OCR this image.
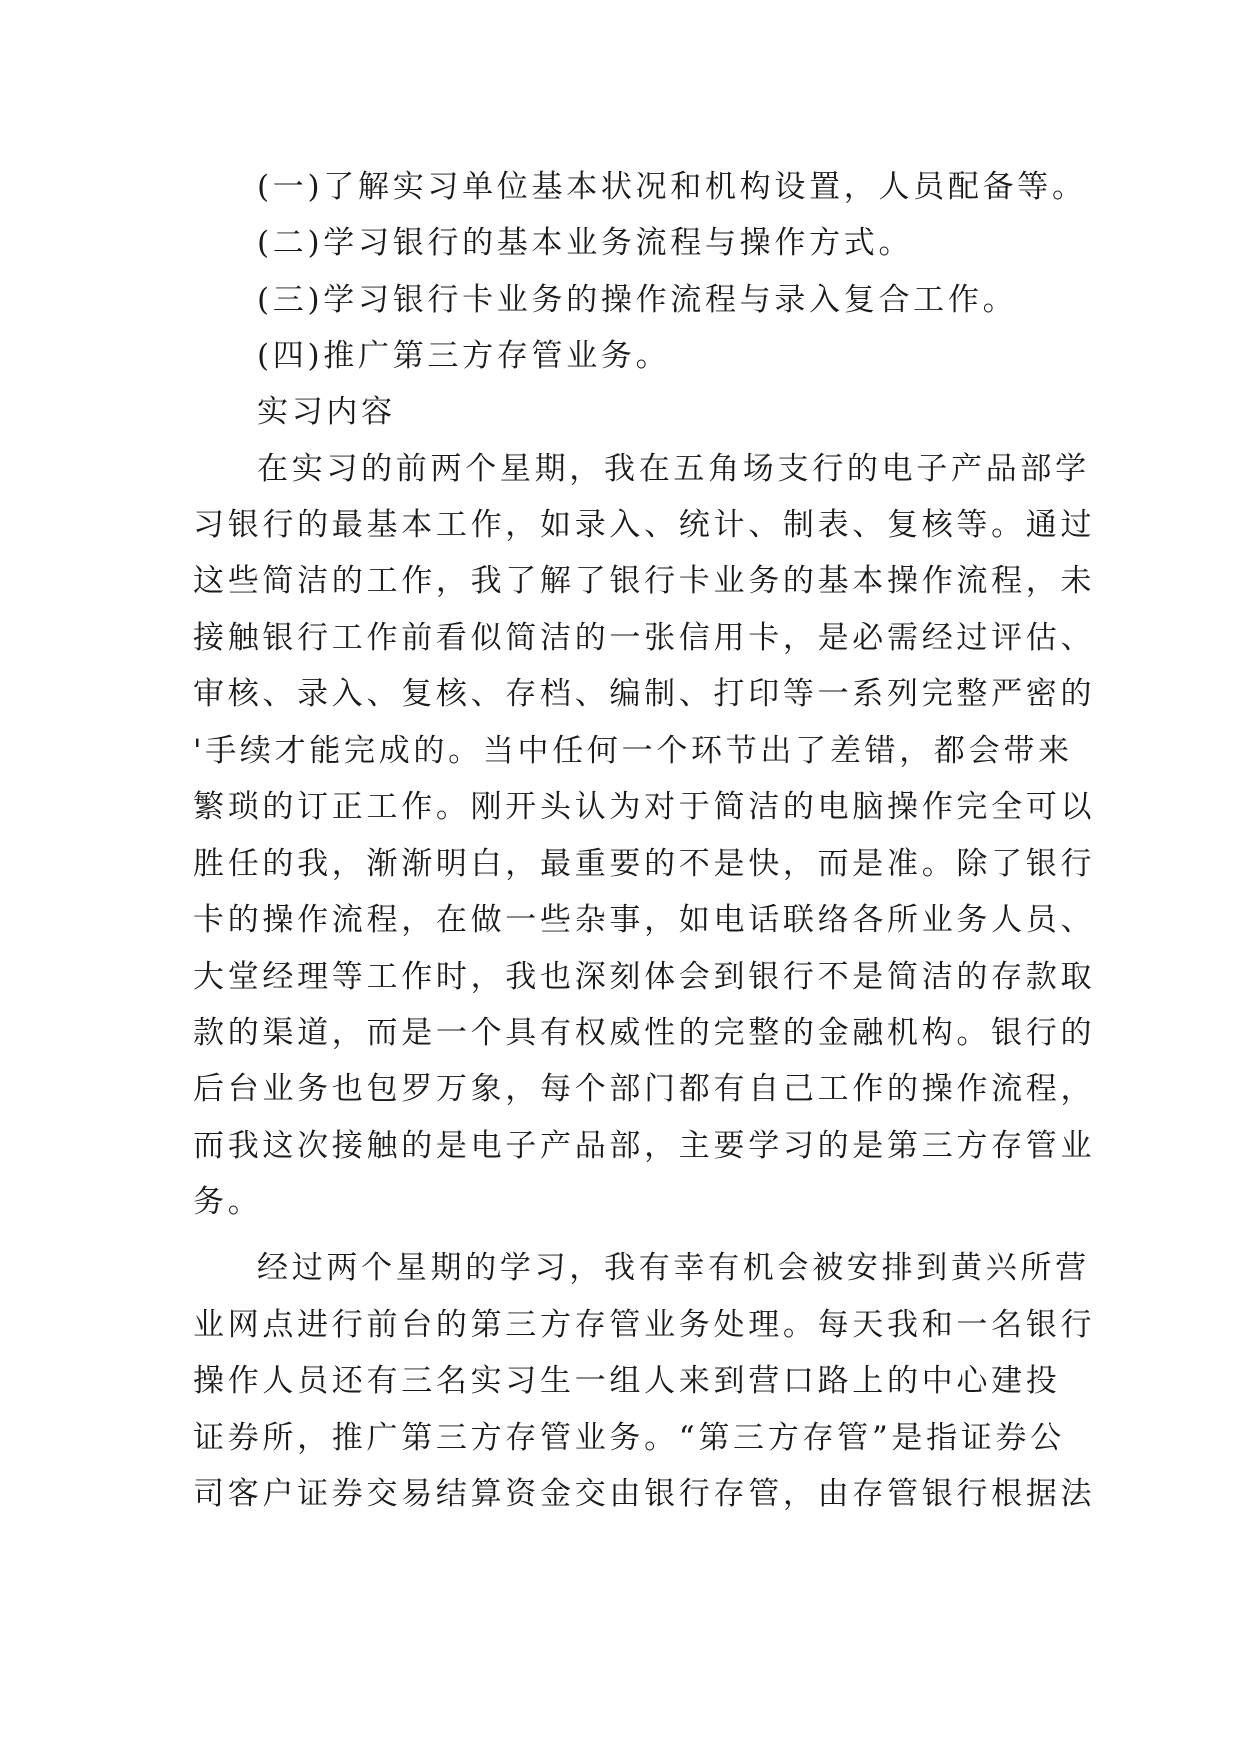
(一)了解实习单位基本状况和机构设置，人员配备等。
(二)学习银行的基本业务流程与操作方式。
(三)学习银行卡业务的操作流程与录入复合工作。
(四)推广第三方存管业务。
实习内容
在实习的前两个星期，我在五角场支行的电子产品部学
习银行的最基本工作，如录入、统计、制表、复核等。通过
这些简洁的工作，我了解了银行卡业务的基本操作流程，未
接触银行工作前看似简洁的一张信用卡，是必需经过评估、
审核、录入、复核、存档、编制、打印等一系列完整严密的
'手续才能完成的。当中任何一个环节出了差错，都会带来
繁琐的订正工作。刚开头认为对于简洁的电脑操作完全可以
胜任的我，渐渐明白，最重要的不是快，而是准。除了银行
卡的操作流程，在做一些杂事，如电话联络各所业务人员、
大堂经理等工作时，我也深刻体会到银行不是简洁的存款取
款的渠道，而是一个具有权威性的完整的金融机构。银行的
后台业务也包罗万象，每个部门都有自己工作的操作流程，
而我这次接触的是电子产品部，主要学习的是第三方存管业
务。
经过两个星期的学习，我有幸有机会被安排到黄兴所营
业网点进行前台的第三方存管业务处理。每天我和一名银行
操作人员还有三名实习生一组人来到营口路上的中心建投
证券所，推广第三方存管业务。“第三方存管”是指证券公
司客户证券交易结算资金交由银行存管，由存管银行根据法
